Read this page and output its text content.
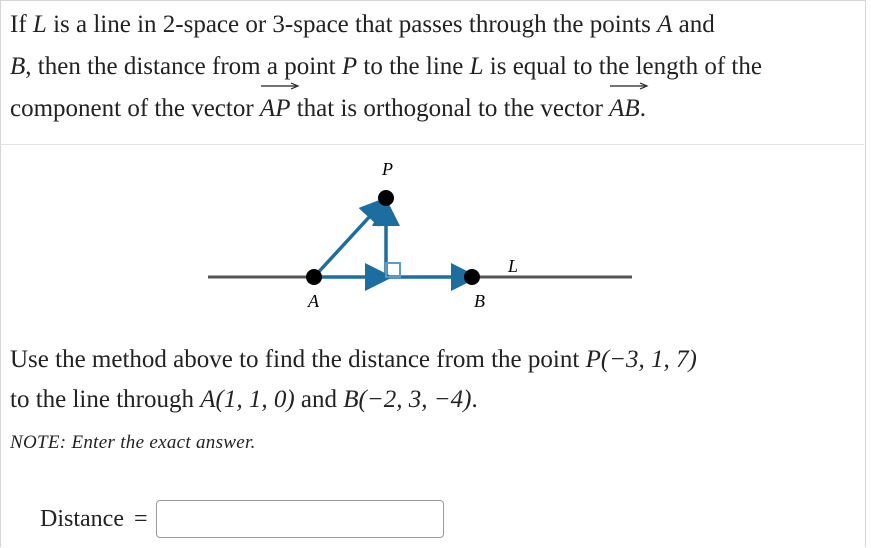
If L is a line in 2-space or 3-space that passes through the points A and
B, then the distance from a point P to the line L is equal to the length of the component of the vector
AP that is orthogonal to the vector
AB.
P
A	B
L
Use the method above to find the distance from the point P(−3, 1, 7)
to the line through A(1, 1, 0) and B(−2, 3, −4).
NOTE: Enter the exact answer.
Distance =
